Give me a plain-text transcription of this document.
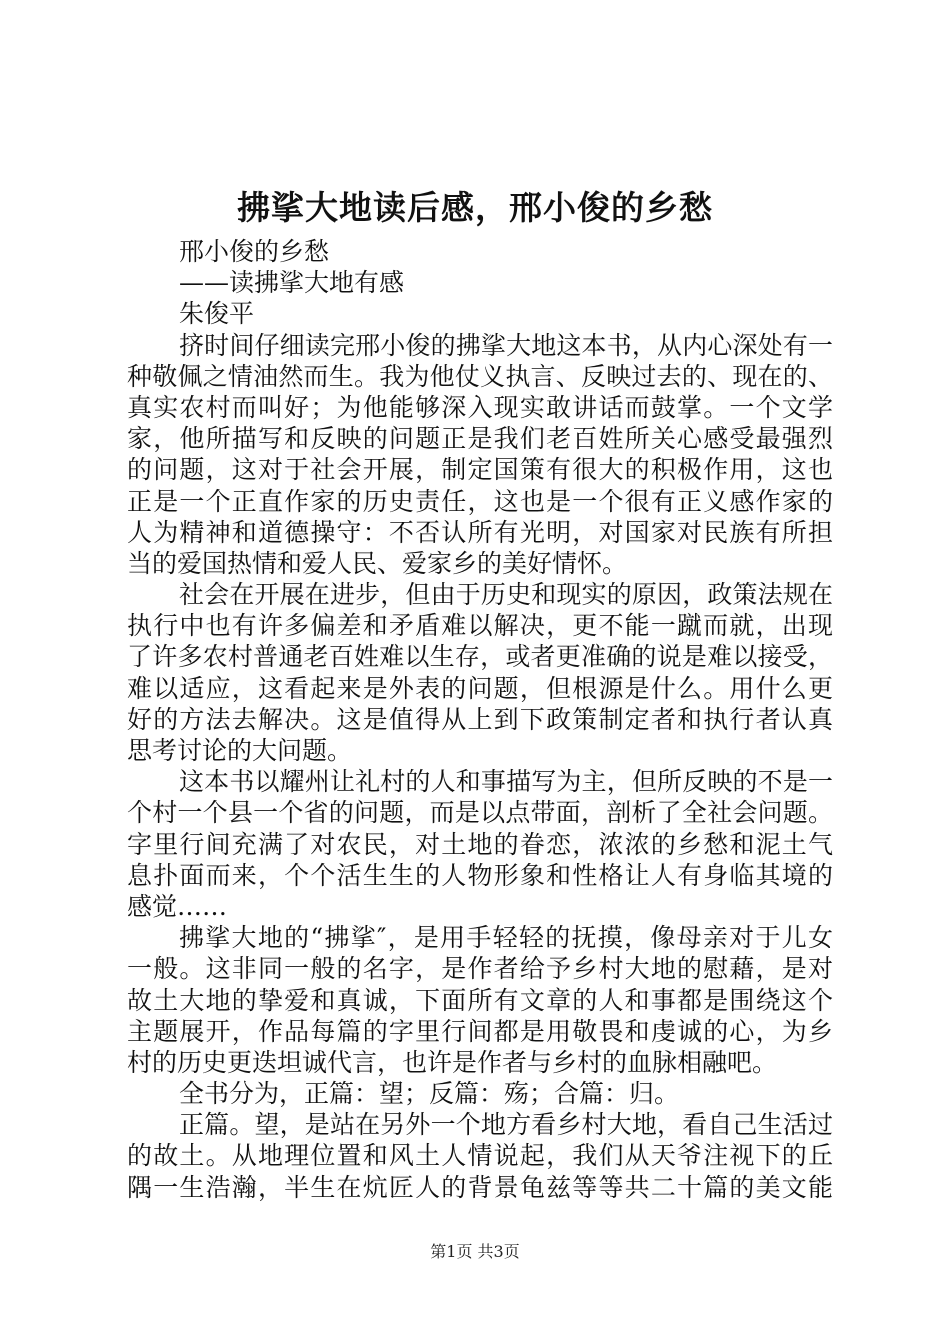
拂挲大地读后感，邢小俊的乡愁
邢小俊的乡愁
——读拂挲大地有感
朱俊平
挤时间仔细读完邢小俊的拂挲大地这本书，从内心深处有一
种敬佩之情油然而生。我为他仗义执言、反映过去的、现在的、
真实农村而叫好；为他能够深入现实敢讲话而鼓掌。一个文学
家，他所描写和反映的问题正是我们老百姓所关心感受最强烈
的问题，这对于社会开展，制定国策有很大的积极作用，这也
正是一个正直作家的历史责任，这也是一个很有正义感作家的
人为精神和道德操守：不否认所有光明，对国家对民族有所担
当的爱国热情和爱人民、爱家乡的美好情怀。
社会在开展在进步，但由于历史和现实的原因，政策法规在
执行中也有许多偏差和矛盾难以解决，更不能一蹴而就，出现
了许多农村普通老百姓难以生存，或者更准确的说是难以接受，
难以适应，这看起来是外表的问题，但根源是什么。用什么更
好的方法去解决。这是值得从上到下政策制定者和执行者认真
思考讨论的大问题。
这本书以耀州让礼村的人和事描写为主，但所反映的不是一
个村一个县一个省的问题，而是以点带面，剖析了全社会问题。
字里行间充满了对农民，对土地的眷恋，浓浓的乡愁和泥土气
息扑面而来，个个活生生的人物形象和性格让人有身临其境的
感觉……
拂挲大地的“拂挲″，是用手轻轻的抚摸，像母亲对于儿女
一般。这非同一般的名字，是作者给予乡村大地的慰藉，是对
故土大地的挚爱和真诚，下面所有文章的人和事都是围绕这个
主题展开，作品每篇的字里行间都是用敬畏和虔诚的心，为乡
村的历史更迭坦诚代言，也许是作者与乡村的血脉相融吧。
全书分为，正篇：望；反篇：殇；合篇：归。
正篇。望，是站在另外一个地方看乡村大地，看自己生活过
的故土。从地理位置和风土人情说起，我们从天爷注视下的丘
隅一生浩瀚，半生在炕匠人的背景龟兹等等共二十篇的美文能
第1页 共3页
